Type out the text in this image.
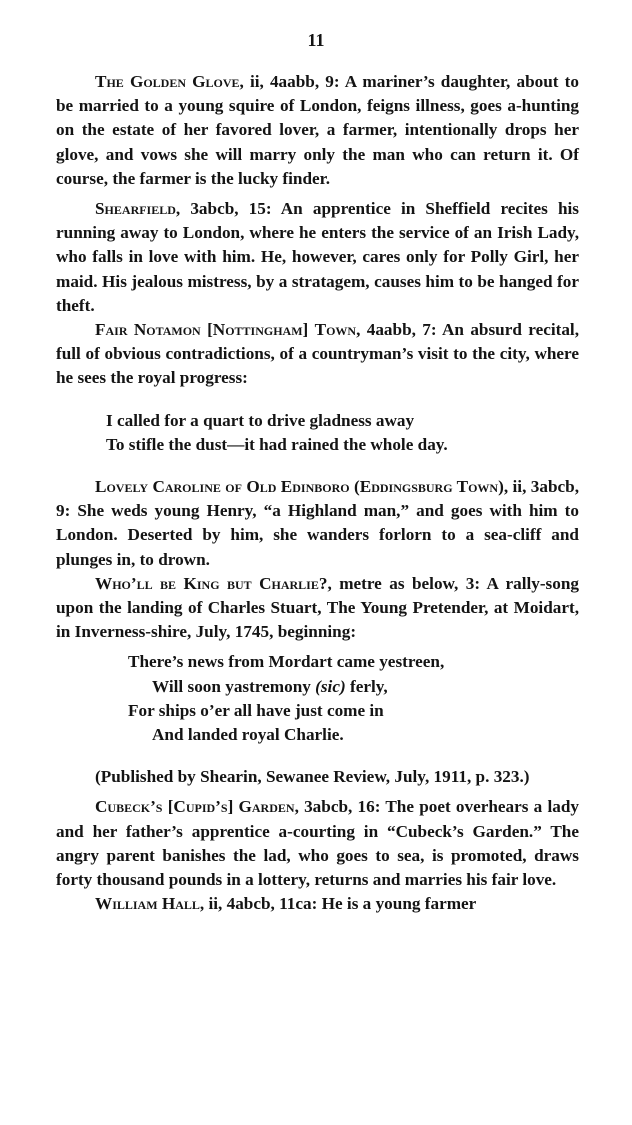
11

The Golden Glove, ii, 4aabb, 9: A mariner’s daughter, about to be married to a young squire of London, feigns illness, goes a-hunting on the estate of her favored lover, a farmer, intentionally drops her glove, and vows she will marry only the man who can return it. Of course, the farmer is the lucky finder.

Shearfield, 3abcb, 15: An apprentice in Sheffield recites his running away to London, where he enters the service of an Irish Lady, who falls in love with him. He, however, cares only for Polly Girl, her maid. His jealous mistress, by a stratagem, causes him to be hanged for theft.

Fair Notamon [Nottingham] Town, 4aabb, 7: An absurd recital, full of obvious contradictions, of a countryman’s visit to the city, where he sees the royal progress:

I called for a quart to drive gladness away
To stifle the dust—it had rained the whole day.

Lovely Caroline of Old Edinboro (Eddingsburg Town), ii, 3abcb, 9: She weds young Henry, “a Highland man,” and goes with him to London. Deserted by him, she wanders forlorn to a sea-cliff and plunges in, to drown.

Who’ll be King but Charlie?, metre as below, 3: A rally-song upon the landing of Charles Stuart, The Young Pretender, at Moidart, in Inverness-shire, July, 1745, beginning:

There’s news from Mordart came yestreen,
Will soon yastremony (sic) ferly,
For ships o’er all have just come in
And landed royal Charlie.

(Published by Shearin, Sewanee Review, July, 1911, p. 323.)

Cubeck’s [Cupid’s] Garden, 3abcb, 16: The poet overhears a lady and her father’s apprentice a-courting in “Cubeck’s Garden.” The angry parent banishes the lad, who goes to sea, is promoted, draws forty thousand pounds in a lottery, returns and marries his fair love.

William Hall, ii, 4abcb, 11ca: He is a young farmer
